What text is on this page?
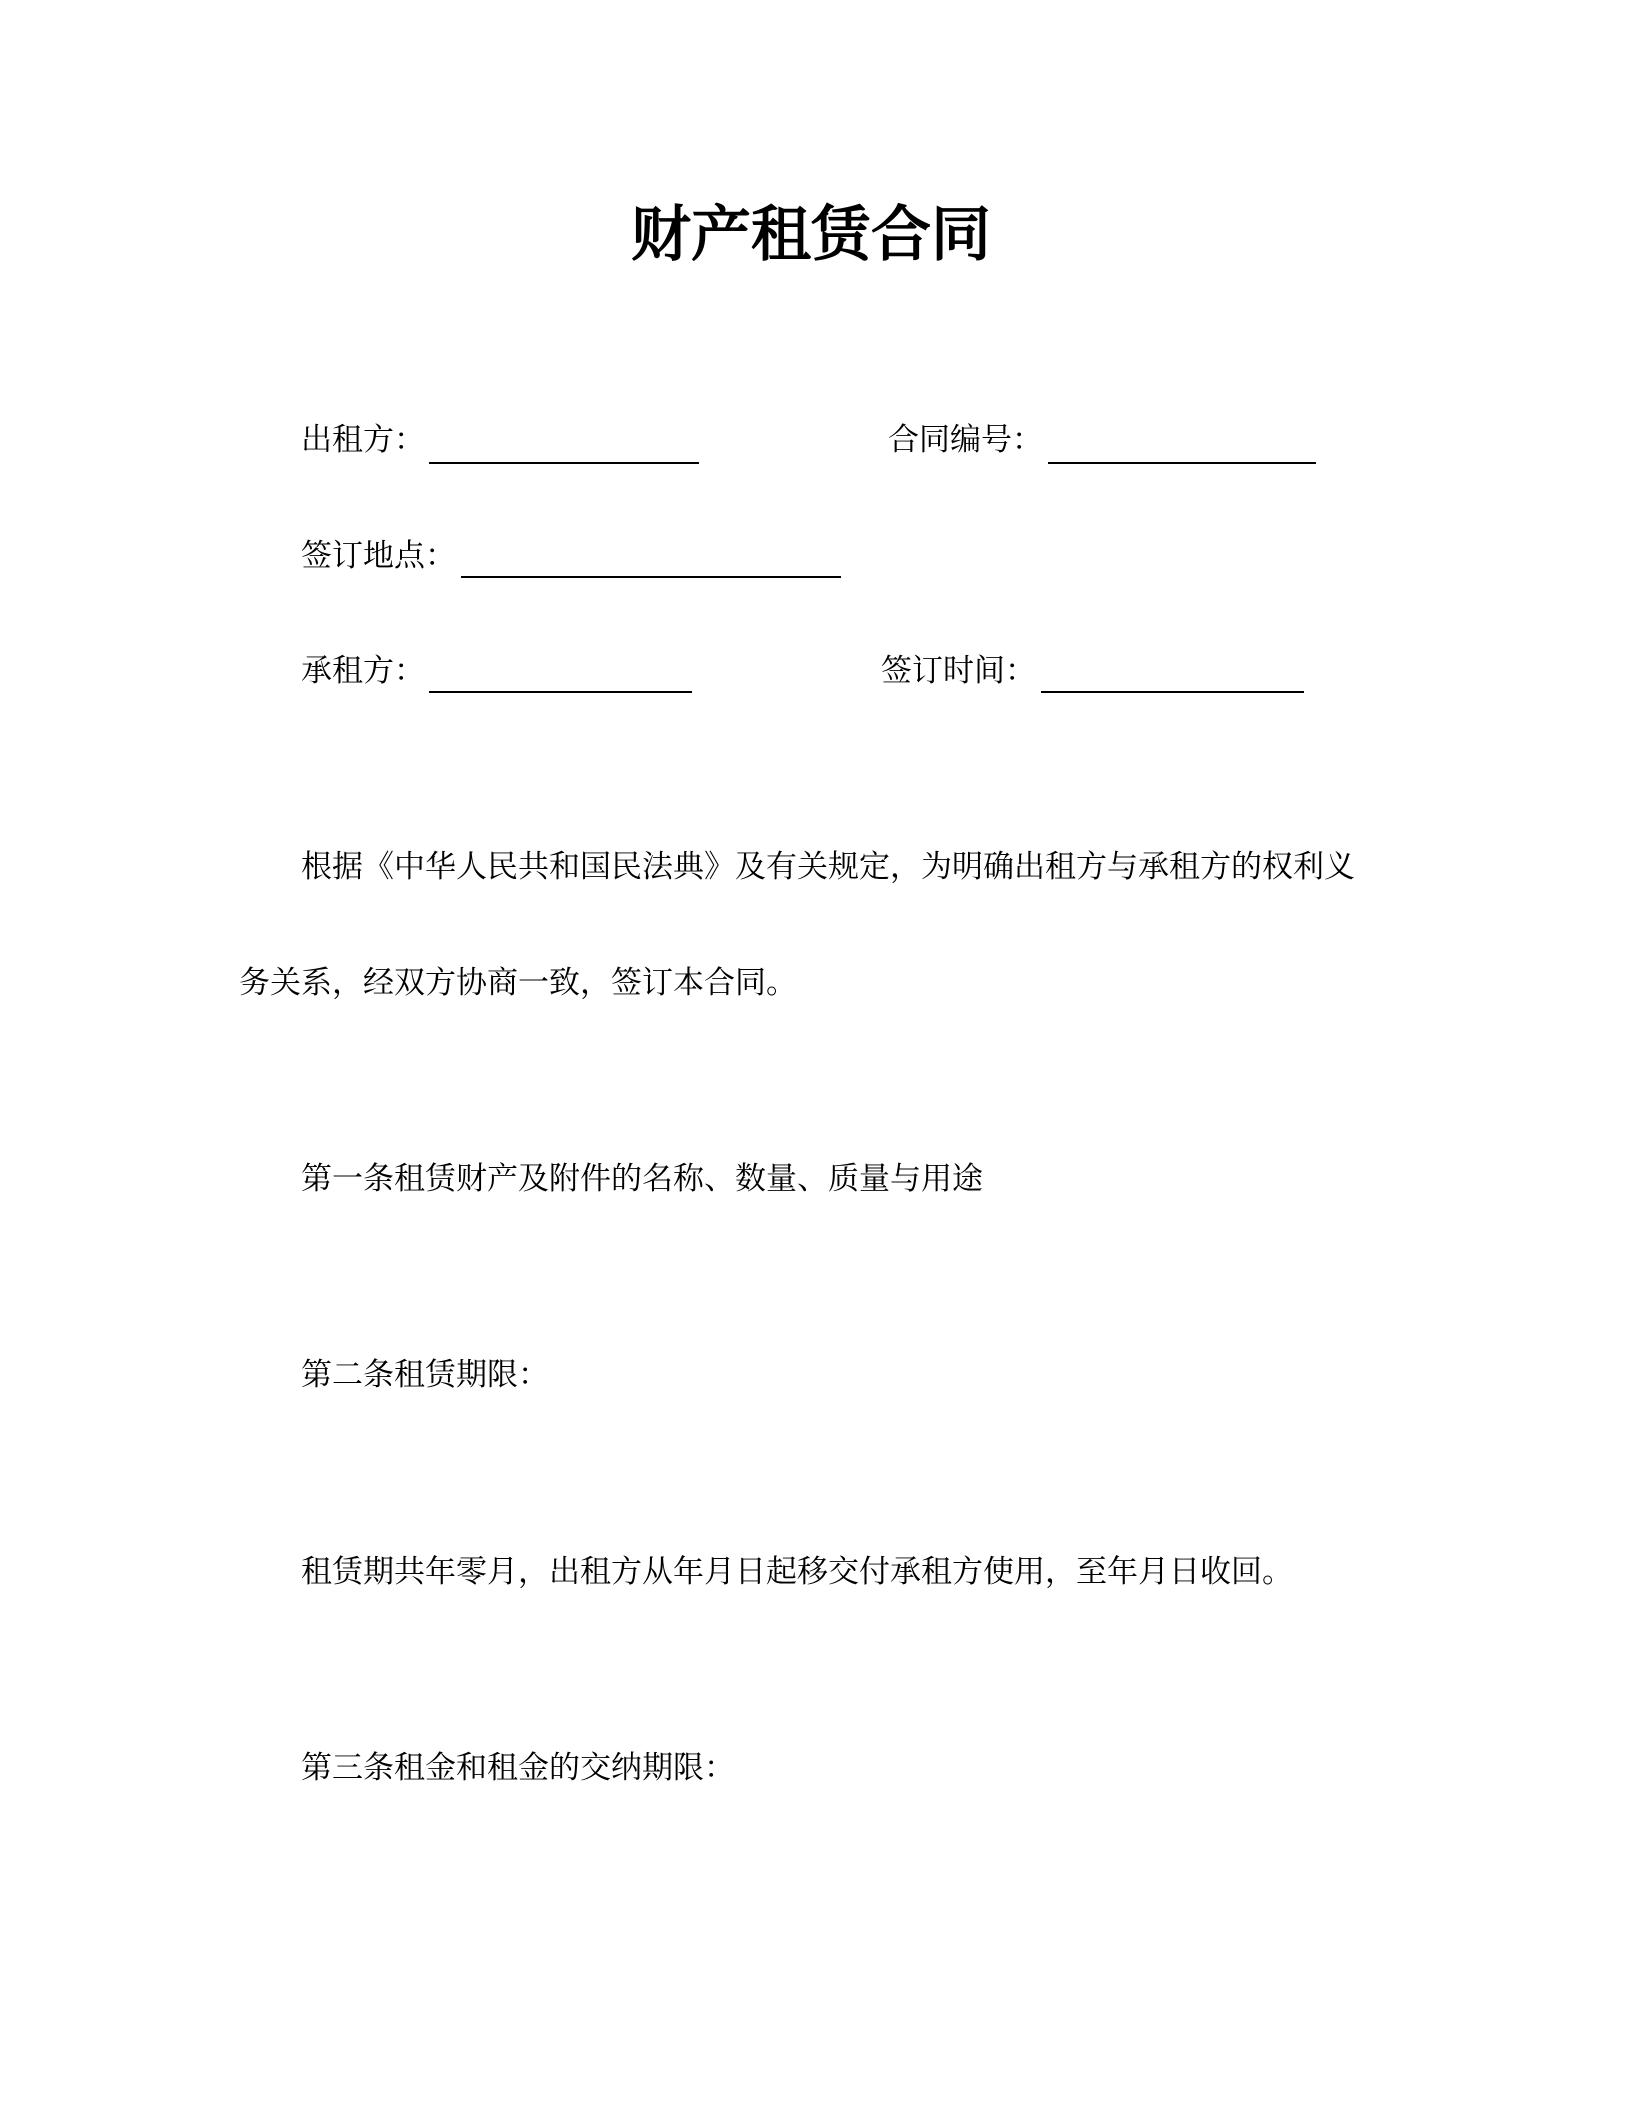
财产租赁合同
出租方：	合同编号：
签订地点：
承租方：	签订时间：
根据《中华人民共和国民法典》及有关规定，为明确出租方与承租方的权利义
务关系，经双方协商一致，签订本合同。
第一条租赁财产及附件的名称、数量、质量与用途
第二条租赁期限：
租赁期共年零月，出租方从年月日起移交付承租方使用，至年月日收回。
第三条租金和租金的交纳期限：
